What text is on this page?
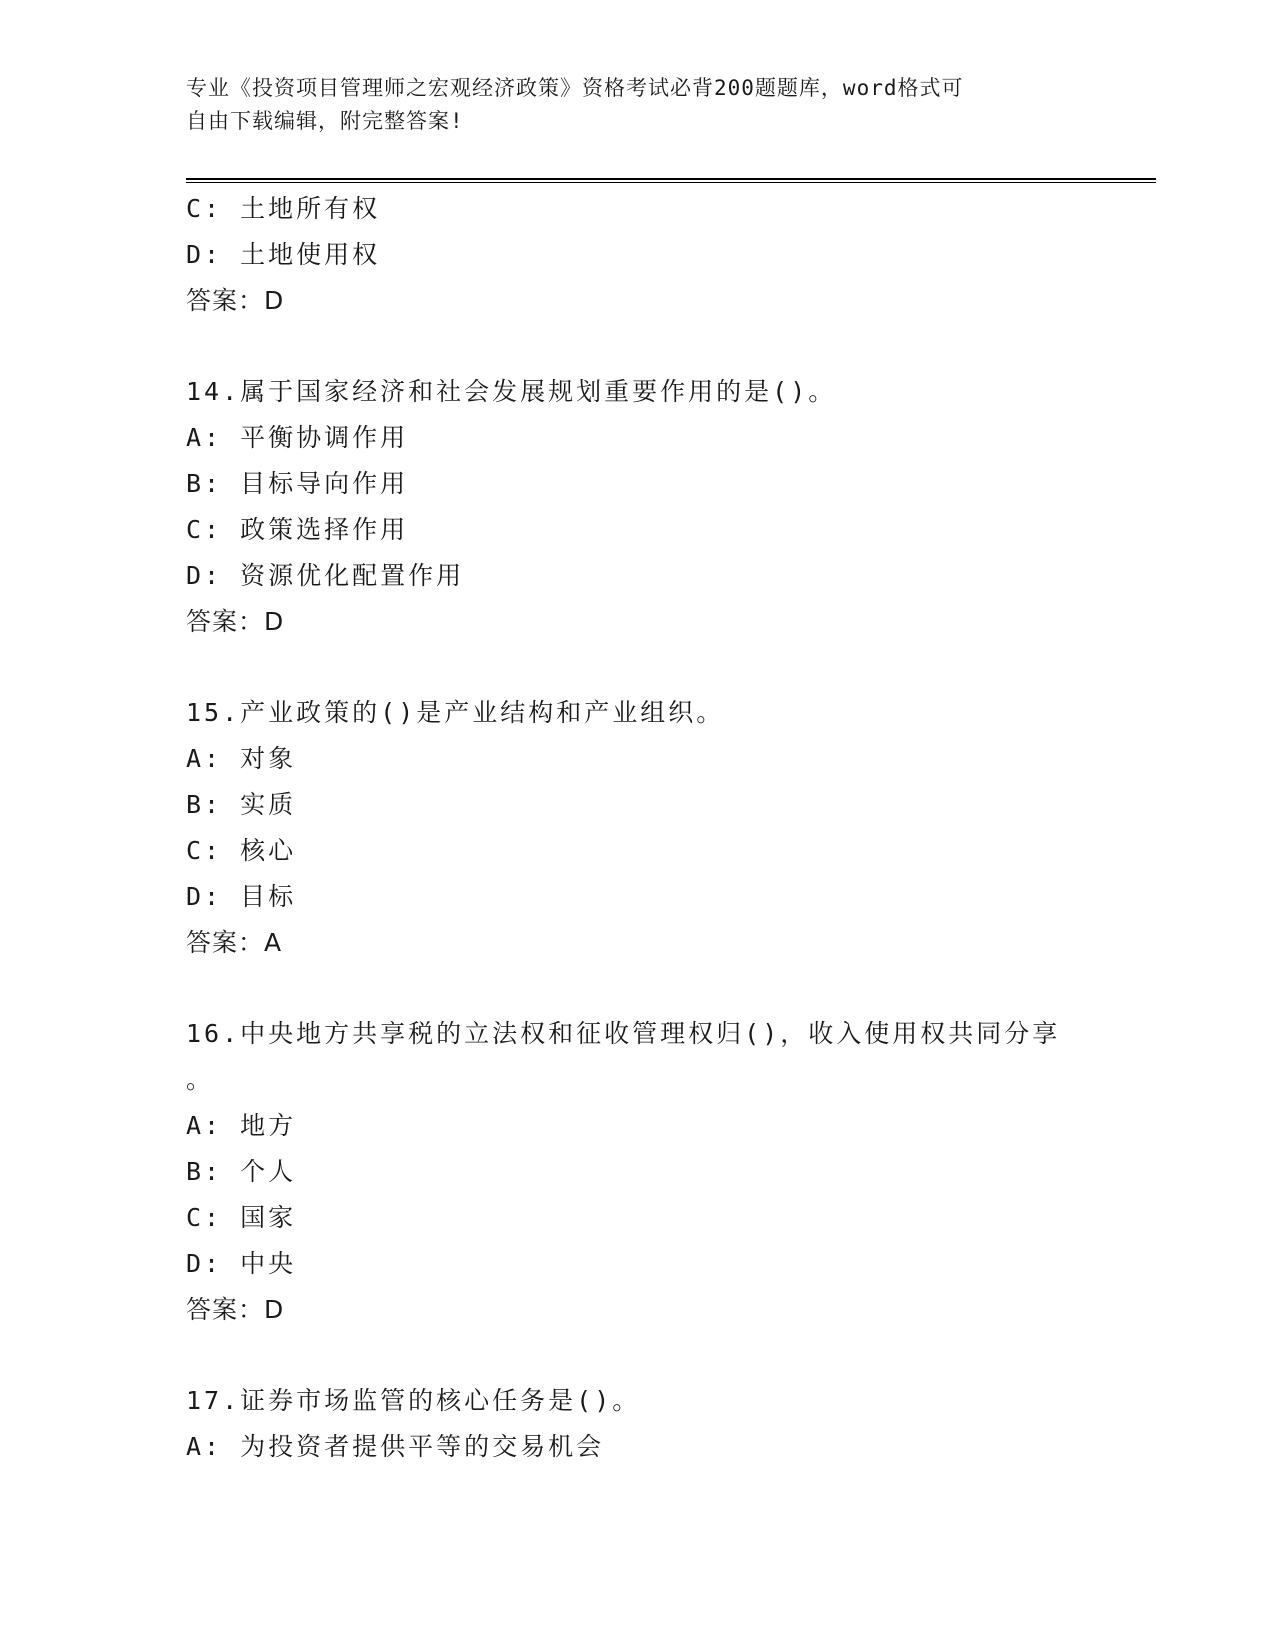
专业《投资项目管理师之宏观经济政策》资格考试必背200题题库，word格式可
自由下载编辑，附完整答案!
C: 土地所有权
D: 土地使用权
答案：D
14.属于国家经济和社会发展规划重要作用的是()。
A: 平衡协调作用
B: 目标导向作用
C: 政策选择作用
D: 资源优化配置作用
答案：D
15.产业政策的()是产业结构和产业组织。
A: 对象
B: 实质
C: 核心
D: 目标
答案：A
16.中央地方共享税的立法权和征收管理权归()，收入使用权共同分享
。
A: 地方
B: 个人
C: 国家
D: 中央
答案：D
17.证券市场监管的核心任务是()。
A: 为投资者提供平等的交易机会
